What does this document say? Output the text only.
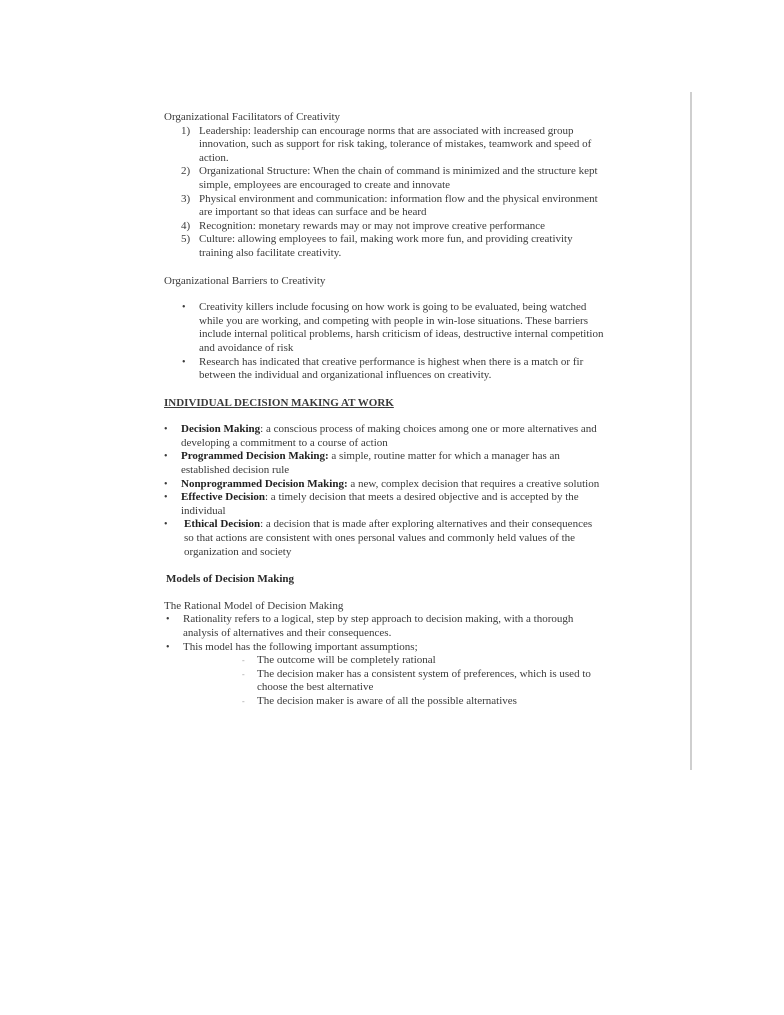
Organizational Facilitators of Creativity

1) Leadership: leadership can encourage norms that are associated with increased group innovation, such as support for risk taking, tolerance of mistakes, teamwork and speed of action.
2) Organizational Structure: When the chain of command is minimized and the structure kept simple, employees are encouraged to create and innovate
3) Physical environment and communication: information flow and the physical environment are important so that ideas can surface and be heard
4) Recognition: monetary rewards may or may not improve creative performance
5) Culture: allowing employees to fail, making work more fun, and providing creativity training also facilitate creativity.

Organizational Barriers to Creativity

• Creativity killers include focusing on how work is going to be evaluated, being watched while you are working, and competing with people in win-lose situations. These barriers include internal political problems, harsh criticism of ideas, destructive internal competition and avoidance of risk
• Research has indicated that creative performance is highest when there is a match or fir between the individual and organizational influences on creativity.

INDIVIDUAL DECISION MAKING AT WORK

• Decision Making: a conscious process of making choices among one or more alternatives and developing a commitment to a course of action
• Programmed Decision Making: a simple, routine matter for which a manager has an established decision rule
• Nonprogrammed Decision Making: a new, complex decision that requires a creative solution
• Effective Decision: a timely decision that meets a desired objective and is accepted by the individual
• Ethical Decision: a decision that is made after exploring alternatives and their consequences so that actions are consistent with ones personal values and commonly held values of the organization and society

Models of Decision Making

The Rational Model of Decision Making

• Rationality refers to a logical, step by step approach to decision making, with a thorough analysis of alternatives and their consequences.
• This model has the following important assumptions;
- The outcome will be completely rational
- The decision maker has a consistent system of preferences, which is used to choose the best alternative
- The decision maker is aware of all the possible alternatives
